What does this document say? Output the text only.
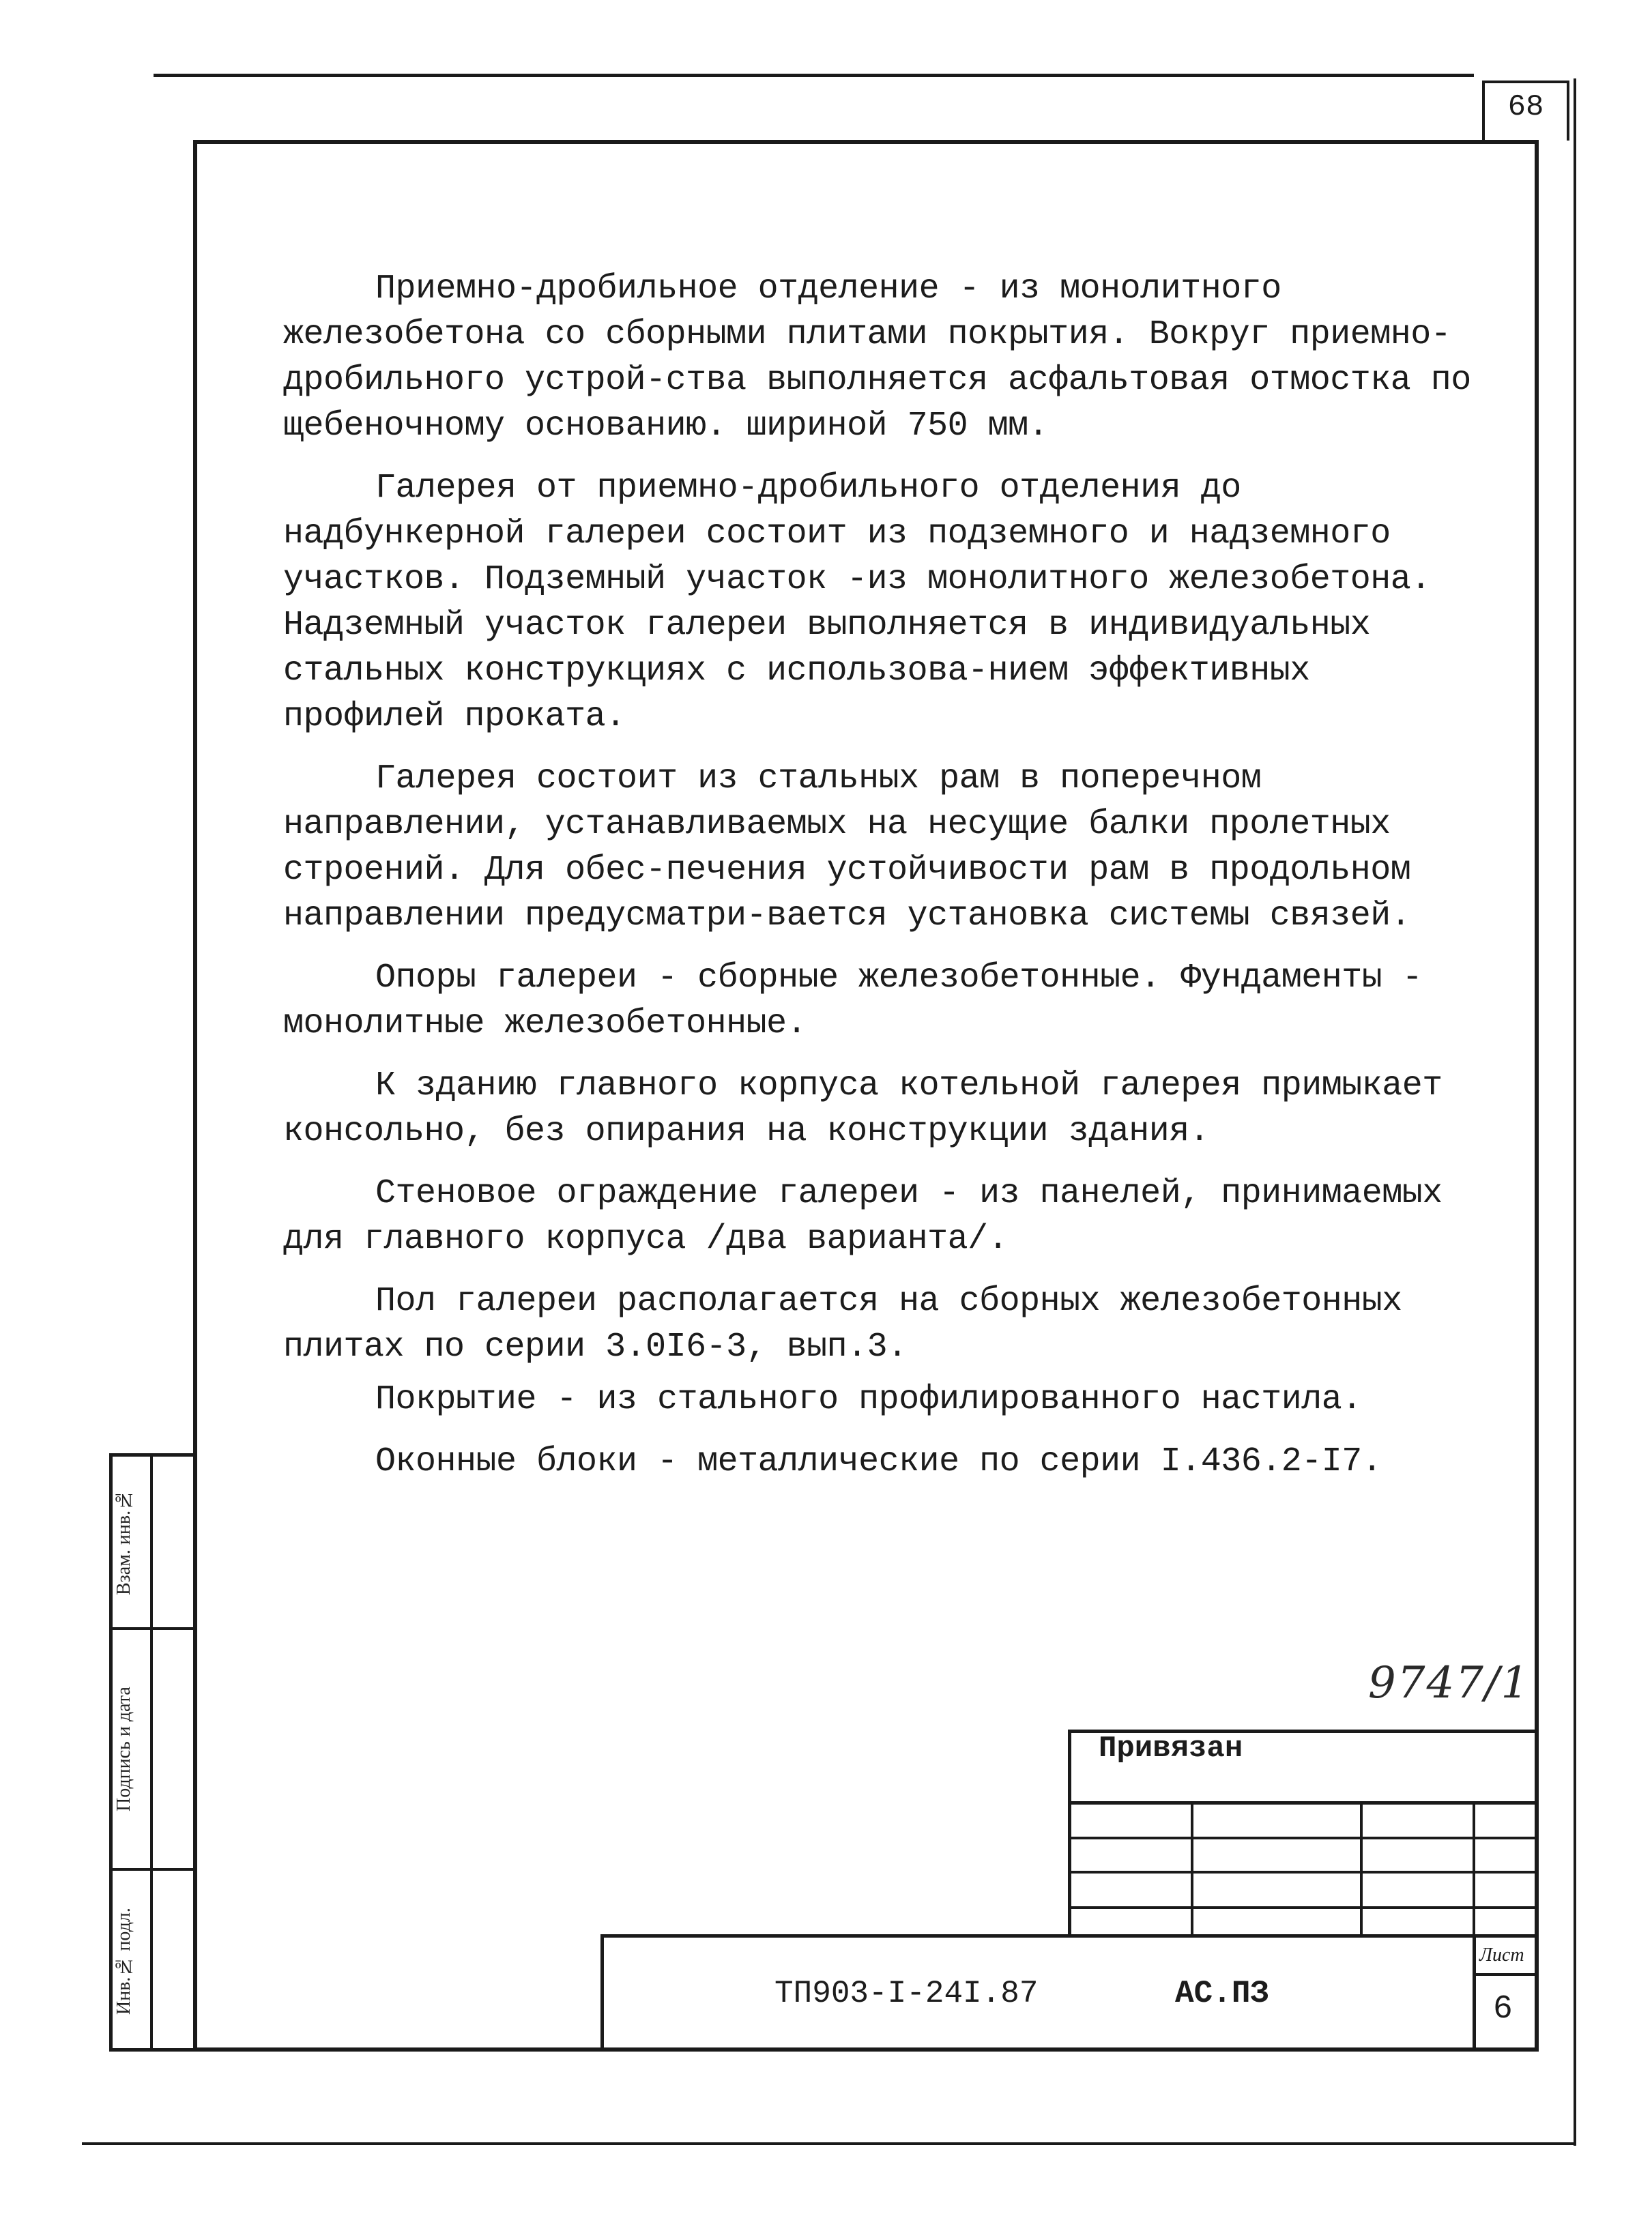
68

Приемно-дробильное отделение - из монолитного железобетона со сборными плитами покрытия. Вокруг приемно-дробильного устрой-ства выполняется асфальтовая отмостка по щебеночному основанию. шириной 750 мм.

Галерея от приемно-дробильного отделения до надбункерной галереи состоит из подземного и надземного участков. Подземный участок -из монолитного железобетона. Надземный участок галереи выполняется в индивидуальных стальных конструкциях с использова-нием эффективных профилей проката.

Галерея состоит из стальных рам в поперечном направлении, устанавливаемых на несущие балки пролетных строений. Для обес-печения устойчивости рам в продольном направлении предусматри-вается установка системы связей.

Опоры галереи - сборные железобетонные. Фундаменты - монолитные железобетонные.

К зданию главного корпуса котельной галерея примыкает консольно, без опирания на конструкции здания.

Стеновое ограждение галереи - из панелей, принимаемых для главного корпуса /два варианта/.

Пол галереи располагается на сборных железобетонных плитах по серии 3.0I6-3, вып.3.

Покрытие - из стального профилированного настила.

Оконные блоки - металлические по серии I.436.2-I7.

Взам. инв.№
Подпись и дата
Инв.№ подл.
9747/1
Привязан
ТП903-I-24I.87	АС.ПЗ
Лист
6
